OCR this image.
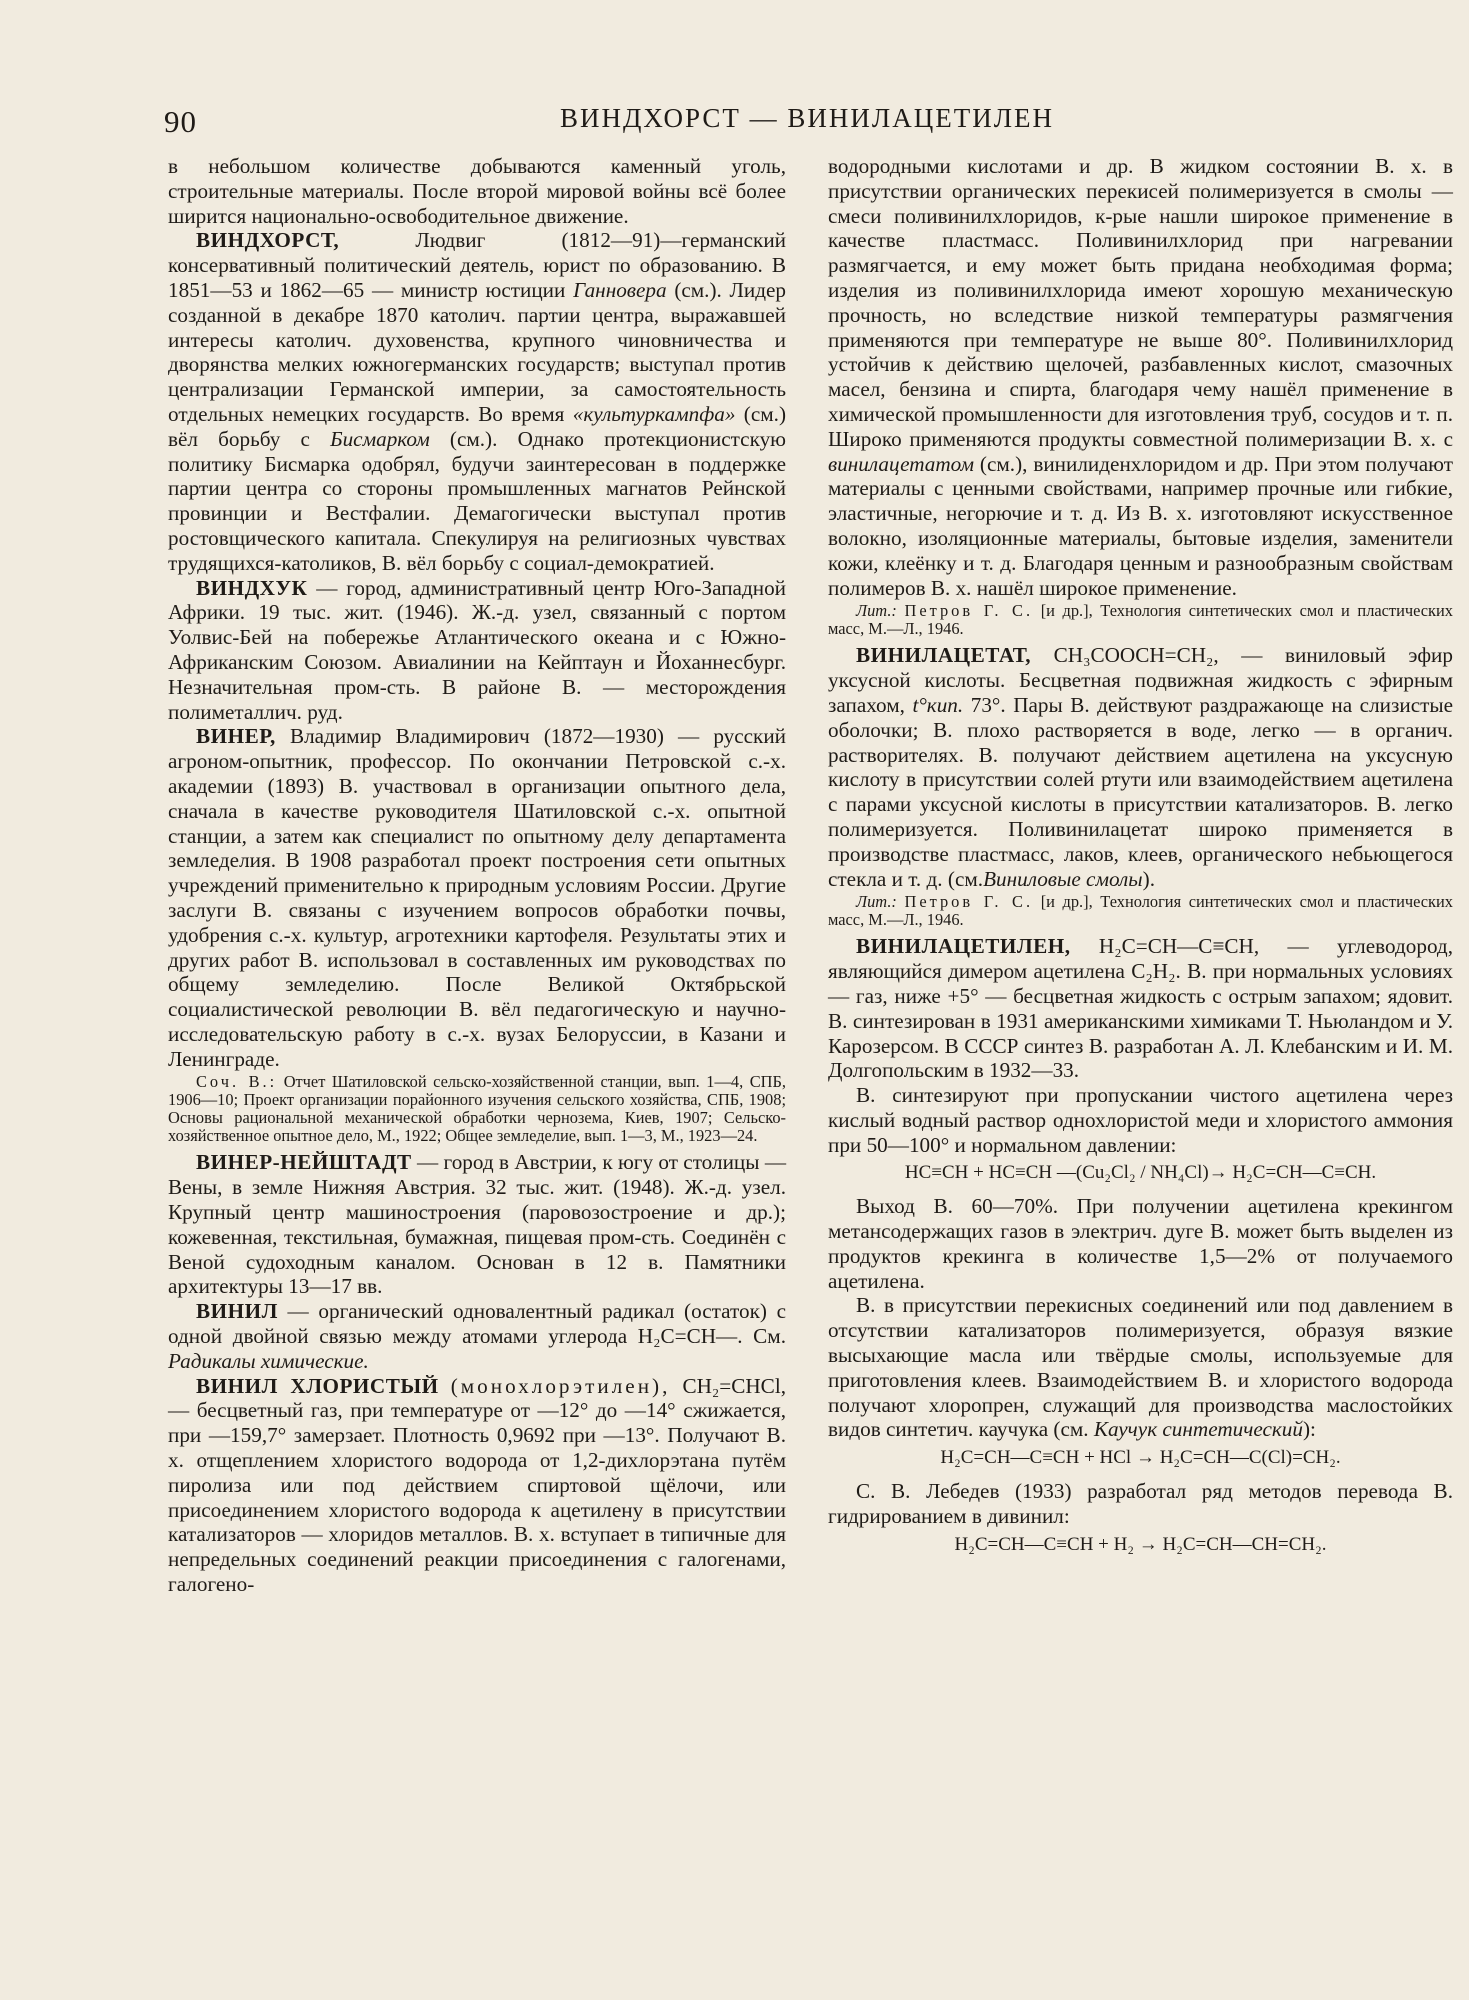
90	ВИНДХОРСТ — ВИНИЛАЦЕТИЛЕН

в небольшом количестве добываются каменный уголь, строительные материалы. После второй мировой войны всё более ширится национально-освободительное движение.

ВИНДХОРСТ,	Людвиг (1812—91)—германский консервативный политический деятель, юрист по образованию. В 1851—53 и 1862—65 — министр юстиции Ганновера (см.). Лидер созданной в декабре 1870 католич. партии центра, выражавшей интересы католич. духовенства, крупного чиновничества и дворянства мелких южногерманских государств; выступал против централизации Германской империи, за самостоятельность отдельных немецких государств. Во время «культуркампфа» (см.) вёл борьбу с Бисмарком (см.). Однако протекционистскую политику Бисмарка одобрял, будучи заинтересован в поддержке партии центра со стороны промышленных магнатов Рейнской провинции и Вестфалии. Демагогически выступал против ростовщического капитала. Спекулируя на религиозных чувствах трудящихся-католиков, В. вёл борьбу с социал-демократией.

ВИНДХУК — город, административный центр Юго-Западной Африки. 19 тыс. жит. (1946). Ж.-д. узел, связанный с портом Уолвис-Бей на побережье Атлантического океана и с Южно-Африканским Союзом. Авиалинии на Кейптаун и Йоханнесбург. Незначительная пром-сть. В районе В. — месторождения полиметаллич. руд.

ВИНЕР, Владимир Владимирович (1872—1930) — русский агроном-опытник, профессор. По окончании Петровской с.-х. академии (1893) В. участвовал в организации опытного дела, сначала в качестве руководителя Шатиловской с.-х. опытной станции, а затем как специалист по опытному делу департамента земледелия. В 1908 разработал проект построения сети опытных учреждений применительно к природным условиям России. Другие заслуги В. связаны с изучением вопросов обработки почвы, удобрения с.-х. культур, агротехники картофеля. Результаты этих и других работ В. использовал в составленных им руководствах по общему земледелию. После Великой Октябрьской социалистической революции В. вёл педагогическую и научно-исследовательскую работу в с.-х. вузах Белоруссии, в Казани и Ленинграде.

Соч. В.: Отчет Шатиловской сельско-хозяйственной станции, вып. 1—4, СПБ, 1906—10; Проект организации порайонного изучения сельского хозяйства, СПБ, 1908; Основы рациональной механической обработки чернозема, Киев, 1907; Сельско-хозяйственное опытное дело, М., 1922; Общее земледелие, вып. 1—3, М., 1923—24.

ВИНЕР-НЕЙШТАДТ — город в Австрии, к югу от столицы — Вены, в земле Нижняя Австрия. 32 тыс. жит. (1948). Ж.-д. узел. Крупный центр машиностроения (паровозостроение и др.); кожевенная, текстильная, бумажная, пищевая пром-сть. Соединён с Веной судоходным каналом. Основан в 12 в. Памятники архитектуры 13—17 вв.

ВИНИЛ — органический одновалентный радикал (остаток) с одной двойной связью между атомами углерода H₂C=CH—. См. Радикалы химические.

ВИНИЛ ХЛОРИСТЫЙ (монохлорэтилен), CH₂=CHCl, — бесцветный газ, при температуре от —12° до —14° сжижается, при —159,7° замерзает. Плотность 0,9692 при —13°. Получают В. х. отщеплением хлористого водорода от 1,2-дихлорэтана путём пиролиза или под действием спиртовой щёлочи, или присоединением хлористого водорода к ацетилену в присутствии катализаторов — хлоридов металлов. В. х. вступает в типичные для непредельных соединений реакции присоединения с галогенами, галогено-

водородными кислотами и др. В жидком состоянии В. х. в присутствии органических перекисей полимеризуется в смолы — смеси поливинилхлоридов, к-рые нашли широкое применение в качестве пластмасс. Поливинилхлорид при нагревании размягчается, и ему может быть придана необходимая форма; изделия из поливинилхлорида имеют хорошую механическую прочность, но вследствие низкой температуры размягчения применяются при температуре не выше 80°. Поливинилхлорид устойчив к действию щелочей, разбавленных кислот, смазочных масел, бензина и спирта, благодаря чему нашёл применение в химической промышленности для изготовления труб, сосудов и т. п. Широко применяются продукты совместной полимеризации В. х. с винилацетатом (см.), винилиденхлоридом и др. При этом получают материалы с ценными свойствами, например прочные или гибкие, эластичные, негорючие и т. д. Из В. х. изготовляют искусственное волокно, изоляционные материалы, бытовые изделия, заменители кожи, клеёнку и т. д. Благодаря ценным и разнообразным свойствам полимеров В. х. нашёл широкое применение.

Лит.: Петров Г. С. [и др.], Технология синтетических смол и пластических масс, М.—Л., 1946.

ВИНИЛАЦЕТАТ, CH₃COOCH=CH₂, — виниловый эфир уксусной кислоты. Бесцветная подвижная жидкость с эфирным запахом, t°кип. 73°. Пары В. действуют раздражающе на слизистые оболочки; В. плохо растворяется в воде, легко — в органич. растворителях. В. получают действием ацетилена на уксусную кислоту в присутствии солей ртути или взаимодействием ацетилена с парами уксусной кислоты в присутствии катализаторов. В. легко полимеризуется. Поливинилацетат широко применяется в производстве пластмасс, лаков, клеев, органического небьющегося стекла и т. д. (см.Виниловые смолы).

Лит.: Петров Г. С. [и др.], Технология синтетических смол и пластических масс, М.—Л., 1946.

ВИНИЛАЦЕТИЛЕН, H₂C=CH—C≡CH, — углеводород, являющийся димером ацетилена C₂H₂. В. при нормальных условиях — газ, ниже +5° — бесцветная жидкость с острым запахом; ядовит. В. синтезирован в 1931 американскими химиками Т. Ньюландом и У. Карозерсом. В СССР синтез В. разработан А. Л. Клебанским и И. М. Долгопольским в 1932—33.

В. синтезируют при пропускании чистого ацетилена через кислый водный раствор однохлористой меди и хлористого аммония при 50—100° и нормальном давлении:

HC≡CH + HC≡CH —(Cu₂Cl₂ / NH₄Cl)→ H₂C=CH—C≡CH.

Выход В. 60—70%. При получении ацетилена крекингом метансодержащих газов в электрич. дуге В. может быть выделен из продуктов крекинга в количестве 1,5—2% от получаемого ацетилена.

В. в присутствии перекисных соединений или под давлением в отсутствии катализаторов полимеризуется, образуя вязкие высыхающие масла или твёрдые смолы, используемые для приготовления клеев. Взаимодействием В. и хлористого водорода получают хлоропрен, служащий для производства маслостойких видов синтетич. каучука (см. Каучук синтетический):

H₂C=CH—C≡CH + HCl → H₂C=CH—C(Cl)=CH₂.

С. В. Лебедев (1933) разработал ряд методов перевода В. гидрированием в дивинил:

H₂C=CH—C≡CH + H₂ → H₂C=CH—CH=CH₂.
